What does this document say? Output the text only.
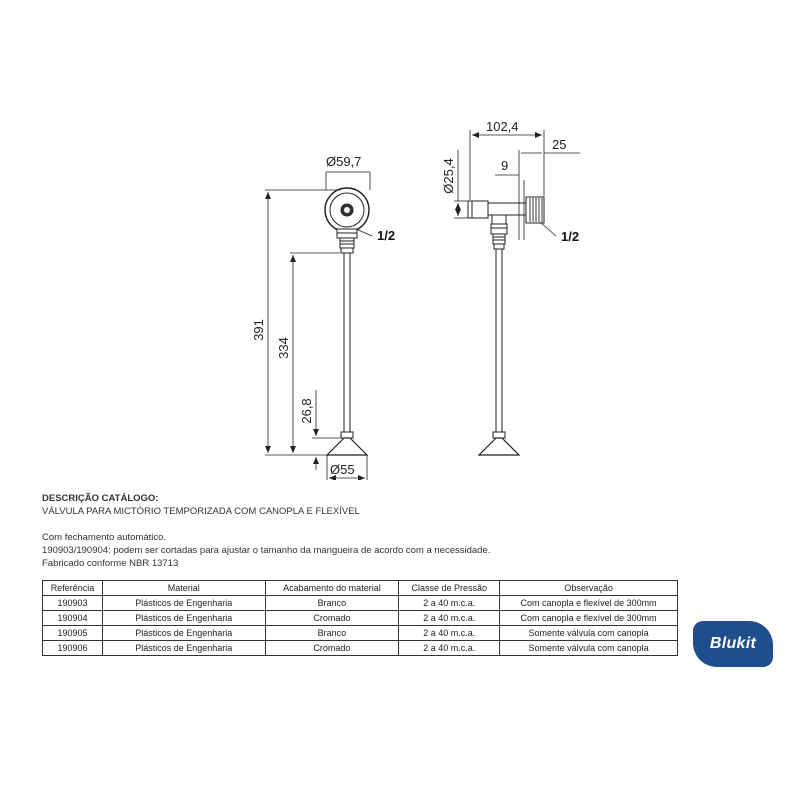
Ø59,7
1/2
391
334
26,8
Ø55
102,4
25
Ø25,4	9
1/2
DESCRIÇÃO CATÁLOGO:
VÁLVULA PARA MICTÓRIO TEMPORIZADA COM CANOPLA E FLEXÍVEL
Com fechamento automático.
190903/190904: podem ser cortadas para ajustar o tamanho da mangueira de acordo com a necessidade.
Fabricado conforme NBR 13713
Referência	Material	Acabamento do material	Classe de Pressão	Observação
190903	Plásticos de Engenharia	Branco	2 a 40 m.c.a.	Com canopla e flexível de 300mm
190904	Plásticos de Engenharia	Cromado	2 a 40 m.c.a.	Com canopla e flexível de 300mm
190905	Plásticos de Engenharia	Branco	2 a 40 m.c.a.	Somente válvula com canopla
190906	Plásticos de Engenharia	Cromado	2 a 40 m.c.a.	Somente válvula com canopla	Blukit
